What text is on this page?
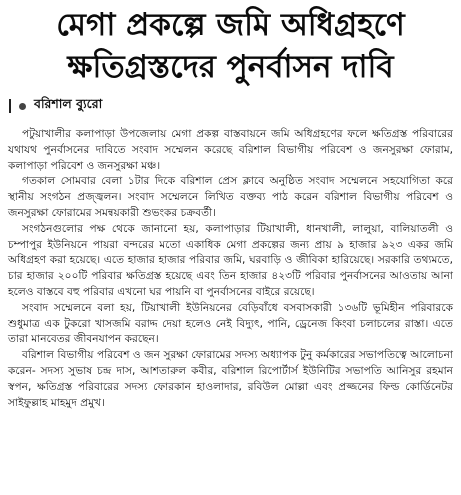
মেগা প্রকল্পে জমি অধিগ্রহণে
ক্ষতিগ্রস্তদের পুনর্বাসন দাবি
বরিশাল ব্যুরো

পটুয়াখালীর কলাপাড়া উপজেলায় মেগা প্রকল্প বাস্তবায়নে জমি অধিগ্রহণের ফলে ক্ষতিগ্রস্ত পরিবারের যথাযথ পুনর্বাসনের দাবিতে সংবাদ সম্মেলন করেছে বরিশাল বিভাগীয় পরিবেশ ও জনসুরক্ষা ফোরাম, কলাপাড়া পরিবেশ ও জনসুরক্ষা মঞ্চ।

গতকাল সোমবার বেলা ১টার দিকে বরিশাল প্রেস ক্লাবে অনুষ্ঠিত সংবাদ সম্মেলনে সহযোগিতা করে স্থানীয় সংগঠন প্রজ্জ্বলন। সংবাদ সম্মেলনে লিখিত বক্তব্য পাঠ করেন বরিশাল বিভাগীয় পরিবেশ ও জনসুরক্ষা ফোরামের সমন্বয়কারী শুভংকর চক্রবর্তী।

সংগঠনগুলোর পক্ষ থেকে জানানো হয়, কলাপাড়ার টিয়াখালী, ধানখালী, লালুয়া, বালিয়াতলী ও চম্পাপুর ইউনিয়নে পায়রা বন্দরের মতো একাধিক মেগা প্রকল্পের জন্য প্রায় ৯ হাজার ৯২৩ একর জমি অধিগ্রহণ করা হয়েছে। এতে হাজার হাজার পরিবার জমি, ঘরবাড়ি ও জীবিকা হারিয়েছে। সরকারি তথ্যমতে, চার হাজার ২০০টি পরিবার ক্ষতিগ্রস্ত হয়েছে এবং তিন হাজার ৪২৩টি পরিবার পুনর্বাসনের আওতায় আনা হলেও বাস্তবে বহু পরিবার এখনো ঘর পায়নি বা পুনর্বাসনের বাইরে রয়েছে।

সংবাদ সম্মেলনে বলা হয়, টিয়াখালী ইউনিয়নের বেড়িবাঁধে বসবাসকারী ১৩৬টি ভূমিহীন পরিবারকে শুধুমাত্র এক টুকরো খাসজমি বরাদ্দ দেয়া হলেও নেই বিদ্যুৎ, পানি, ড্রেনেজ কিংবা চলাচলের রাস্তা। এতে তারা মানবেতর জীবনযাপন করছেন।

বরিশাল বিভাগীয় পরিবেশ ও জন সুরক্ষা ফোরামের সদস্য অধ্যাপক টুনু কর্মকারের সভাপতিত্বে আলোচনা করেন- সদস্য সুভাষ চন্দ্র দাস, আশতারুল কবীর, বরিশাল রিপোর্টার্স ইউনিটির সভাপতি আনিসুর রহমান স্বপন, ক্ষতিগ্রস্ত পরিবারের সদস্য ফোরকান হাওলাদার, রবিউল মোল্লা এবং প্রজ্জনের ফিল্ড কোর্ডিনেটর সাইফুল্লাহ মাহমুদ প্রমুখ।
